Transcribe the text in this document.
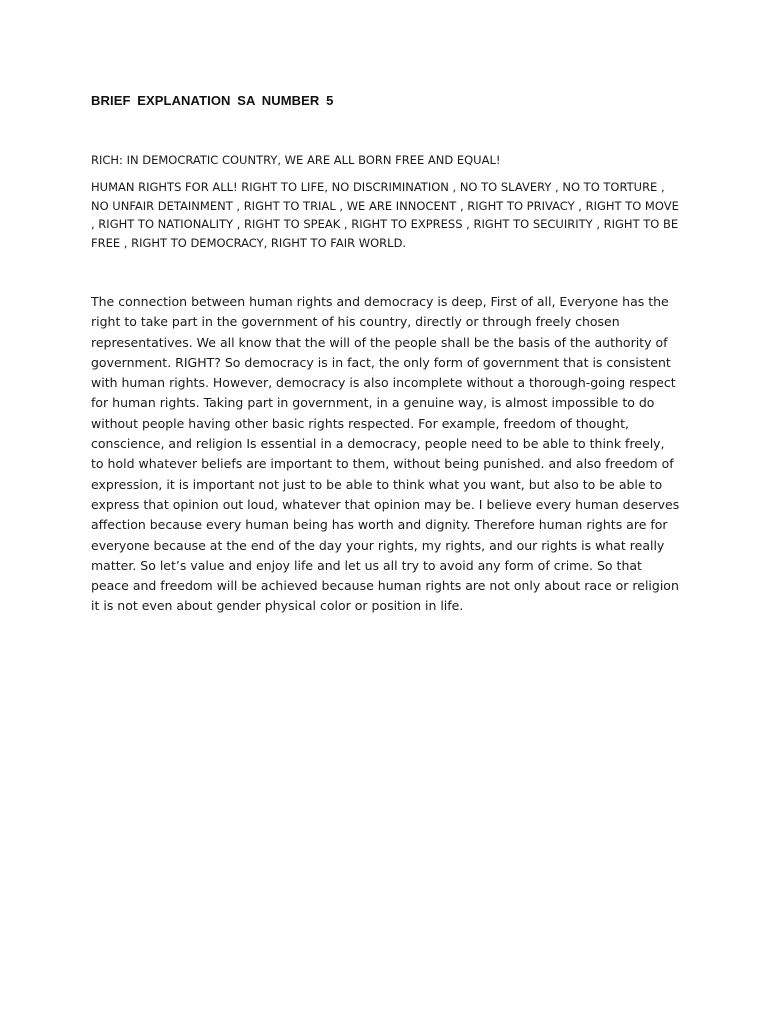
BRIEF EXPLANATION SA NUMBER 5

RICH: IN DEMOCRATIC COUNTRY, WE ARE ALL BORN FREE AND EQUAL!

HUMAN RIGHTS FOR ALL! RIGHT TO LIFE, NO DISCRIMINATION , NO TO SLAVERY , NO TO TORTURE , NO UNFAIR DETAINMENT , RIGHT TO TRIAL , WE ARE INNOCENT , RIGHT TO PRIVACY , RIGHT TO MOVE , RIGHT TO NATIONALITY , RIGHT TO SPEAK , RIGHT TO EXPRESS , RIGHT TO SECUIRITY , RIGHT TO BE FREE , RIGHT TO DEMOCRACY, RIGHT TO FAIR WORLD.

The connection between human rights and democracy is deep, First of all, Everyone has the right to take part in the government of his country, directly or through freely chosen representatives. We all know that the will of the people shall be the basis of the authority of government. RIGHT? So democracy is in fact, the only form of government that is consistent with human rights. However, democracy is also incomplete without a thorough-going respect for human rights. Taking part in government, in a genuine way, is almost impossible to do without people having other basic rights respected. For example, freedom of thought, conscience, and religion Is essential in a democracy, people need to be able to think freely, to hold whatever beliefs are important to them, without being punished. and also freedom of expression, it is important not just to be able to think what you want, but also to be able to express that opinion out loud, whatever that opinion may be. I believe every human deserves affection because every human being has worth and dignity. Therefore human rights are for everyone because at the end of the day your rights, my rights, and our rights is what really matter. So let’s value and enjoy life and let us all try to avoid any form of crime. So that peace and freedom will be achieved because human rights are not only about race or religion it is not even about gender physical color or position in life.
